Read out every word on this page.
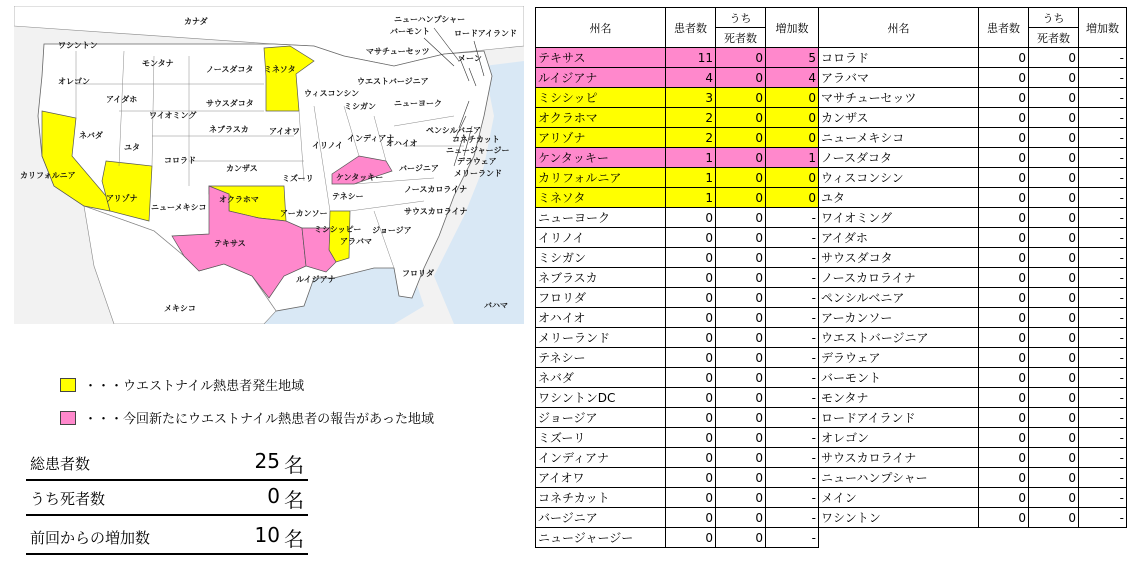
カナダ
ワシントン
モンタナ
ノースダコタ ミネソタ
オレゴン
アイダホ	サウスダコタ
ワイオミング
ウィスコンシン
ミシガン ニューヨーク
ネブラスカ	アイオワ
イリノイ
インディアナ
オハイオ
ペンシルバニア
ネバダ
ユタ
コロラド
カンザス
ミズーリ	ケンタッキー
バージニア
ウエストバージニア
カリフォルニア
アリゾナ
ニューメキシコ
オクラホマ
アーカンソー
テネシー
ノースカロライナ
サウスカロライナ
テキサス
ルイジアナ
ミシシッピー
アラバマ
ジョージア
フロリダ
メキシコ	バハマ
ニューハンプシャー
バーモント	ロードアイランド
マサチューセッツ
メーン
コネチカット
ニュージャージー
デラウェア
メリーランド
・・・ウエストナイル熱患者発生地域
・・・今回新たにウエストナイル熱患者の報告があった地域
総患者数	25 名
うち死者数	0 名
前回からの増加数	10 名
州名	患者数	うち	増加数	州名	患者数	うち	増加数
		死者数				死者数	
テキサス	11	0	5	コロラド	0	0	-
ルイジアナ	4	0	4	アラバマ	0	0	-
ミシシッピ	3	0	0	マサチューセッツ	0	0	-
オクラホマ	2	0	0	カンザス	0	0	-
アリゾナ	2	0	0	ニューメキシコ	0	0	-
ケンタッキー	1	0	1	ノースダコタ	0	0	-
カリフォルニア	1	0	0	ウィスコンシン	0	0	-
ミネソタ	1	0	0	ユタ	0	0	-
ニューヨーク	0	0	-	ワイオミング	0	0	-
イリノイ	0	0	-	アイダホ	0	0	-
ミシガン	0	0	-	サウスダコタ	0	0	-
ネブラスカ	0	0	-	ノースカロライナ	0	0	-
フロリダ	0	0	-	ペンシルベニア	0	0	-
オハイオ	0	0	-	アーカンソー	0	0	-
メリーランド	0	0	-	ウエストバージニア	0	0	-
テネシー	0	0	-	デラウェア	0	0	-
ネバダ	0	0	-	バーモント	0	0	-
ワシントンDC	0	0	-	モンタナ	0	0	-
ジョージア	0	0	-	ロードアイランド	0	0	-
ミズーリ	0	0	-	オレゴン	0	0	-
インディアナ	0	0	-	サウスカロライナ	0	0	-
アイオワ	0	0	-	ニューハンプシャー	0	0	-
コネチカット	0	0	-	メイン	0	0	-
バージニア	0	0	-	ワシントン	0	0	-
ニュージャージー	0	0	-				
